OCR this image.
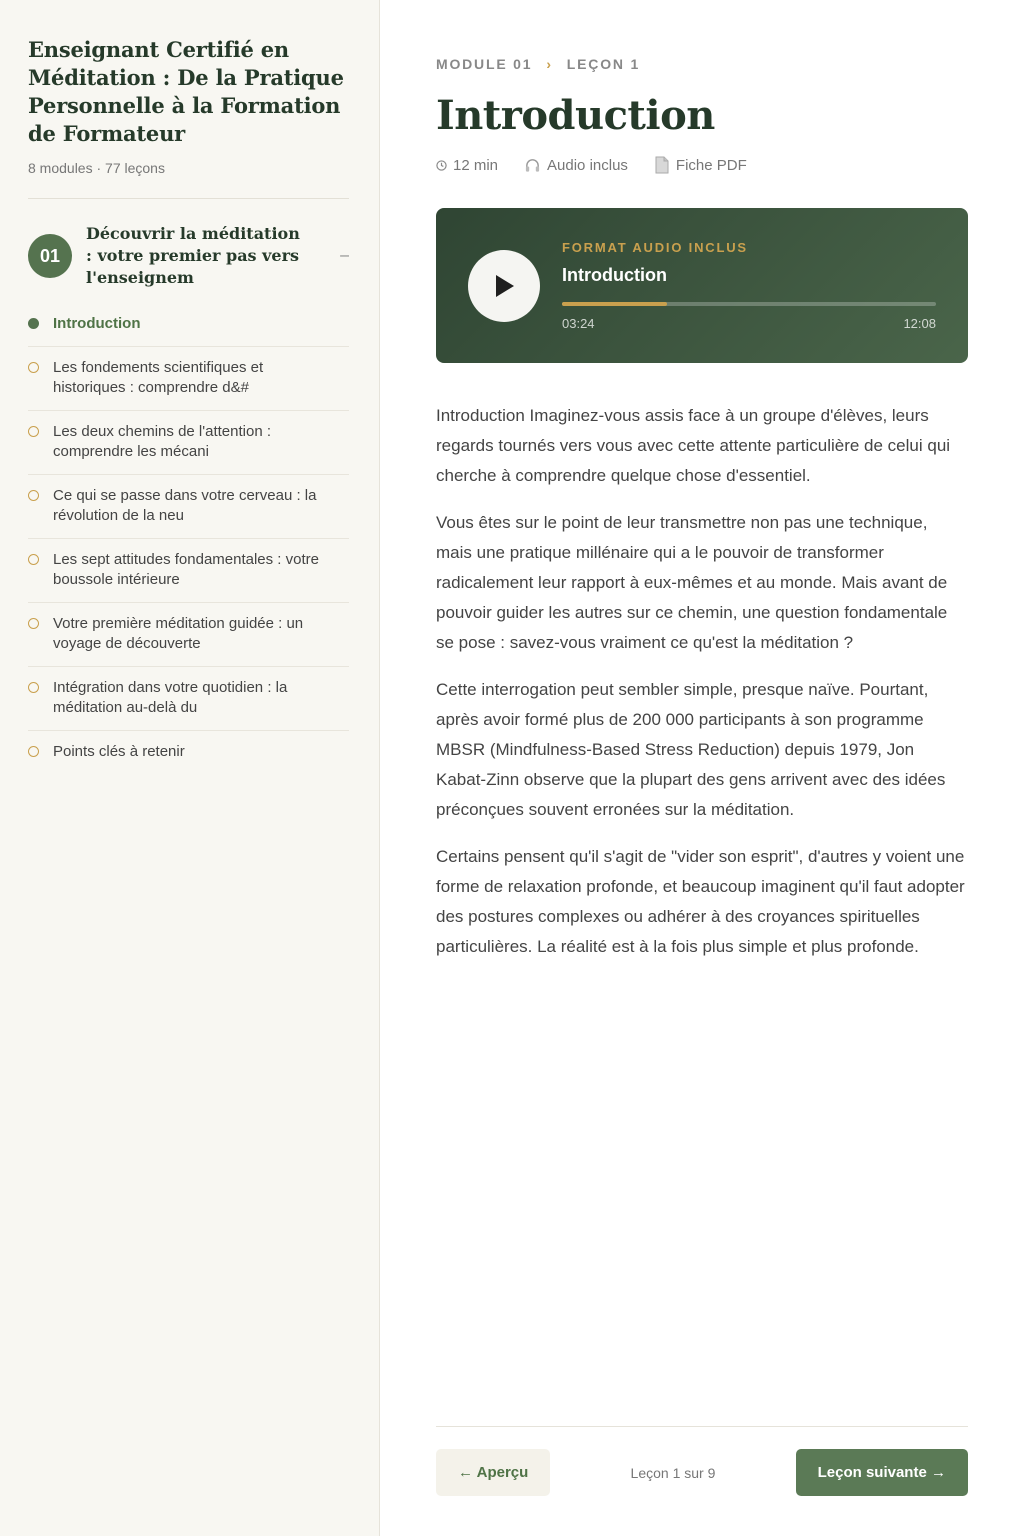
Enseignant Certifié en Méditation : De la Pratique Personnelle à la Formation de Formateur
8 modules · 77 leçons
01
Découvrir la méditation : votre premier pas vers l'enseignem
–
Introduction
Les fondements scientifiques et historiques : comprendre d&#
Les deux chemins de l'attention : comprendre les mécani
Ce qui se passe dans votre cerveau : la révolution de la neu
Les sept attitudes fondamentales : votre boussole intérieure
Votre première méditation guidée : un voyage de découverte
Intégration dans votre quotidien : la méditation au-delà du
Points clés à retenir
MODULE 01 › LEÇON 1
Introduction
12 min	Audio inclus	Fiche PDF
FORMAT AUDIO INCLUS
Introduction
03:24	12:08

Introduction Imaginez-vous assis face à un groupe d'élèves, leurs regards tournés vers vous avec cette attente particulière de celui qui cherche à comprendre quelque chose d'essentiel.

Vous êtes sur le point de leur transmettre non pas une technique, mais une pratique millénaire qui a le pouvoir de transformer radicalement leur rapport à eux-mêmes et au monde. Mais avant de pouvoir guider les autres sur ce chemin, une question fondamentale se pose : savez-vous vraiment ce qu'est la méditation ?

Cette interrogation peut sembler simple, presque naïve. Pourtant, après avoir formé plus de 200 000 participants à son programme MBSR (Mindfulness-Based Stress Reduction) depuis 1979, Jon Kabat-Zinn observe que la plupart des gens arrivent avec des idées préconçues souvent erronées sur la méditation.

Certains pensent qu'il s'agit de "vider son esprit", d'autres y voient une forme de relaxation profonde, et beaucoup imaginent qu'il faut adopter des postures complexes ou adhérer à des croyances spirituelles particulières. La réalité est à la fois plus simple et plus profonde.

← Aperçu	Leçon 1 sur 9	Leçon suivante →
